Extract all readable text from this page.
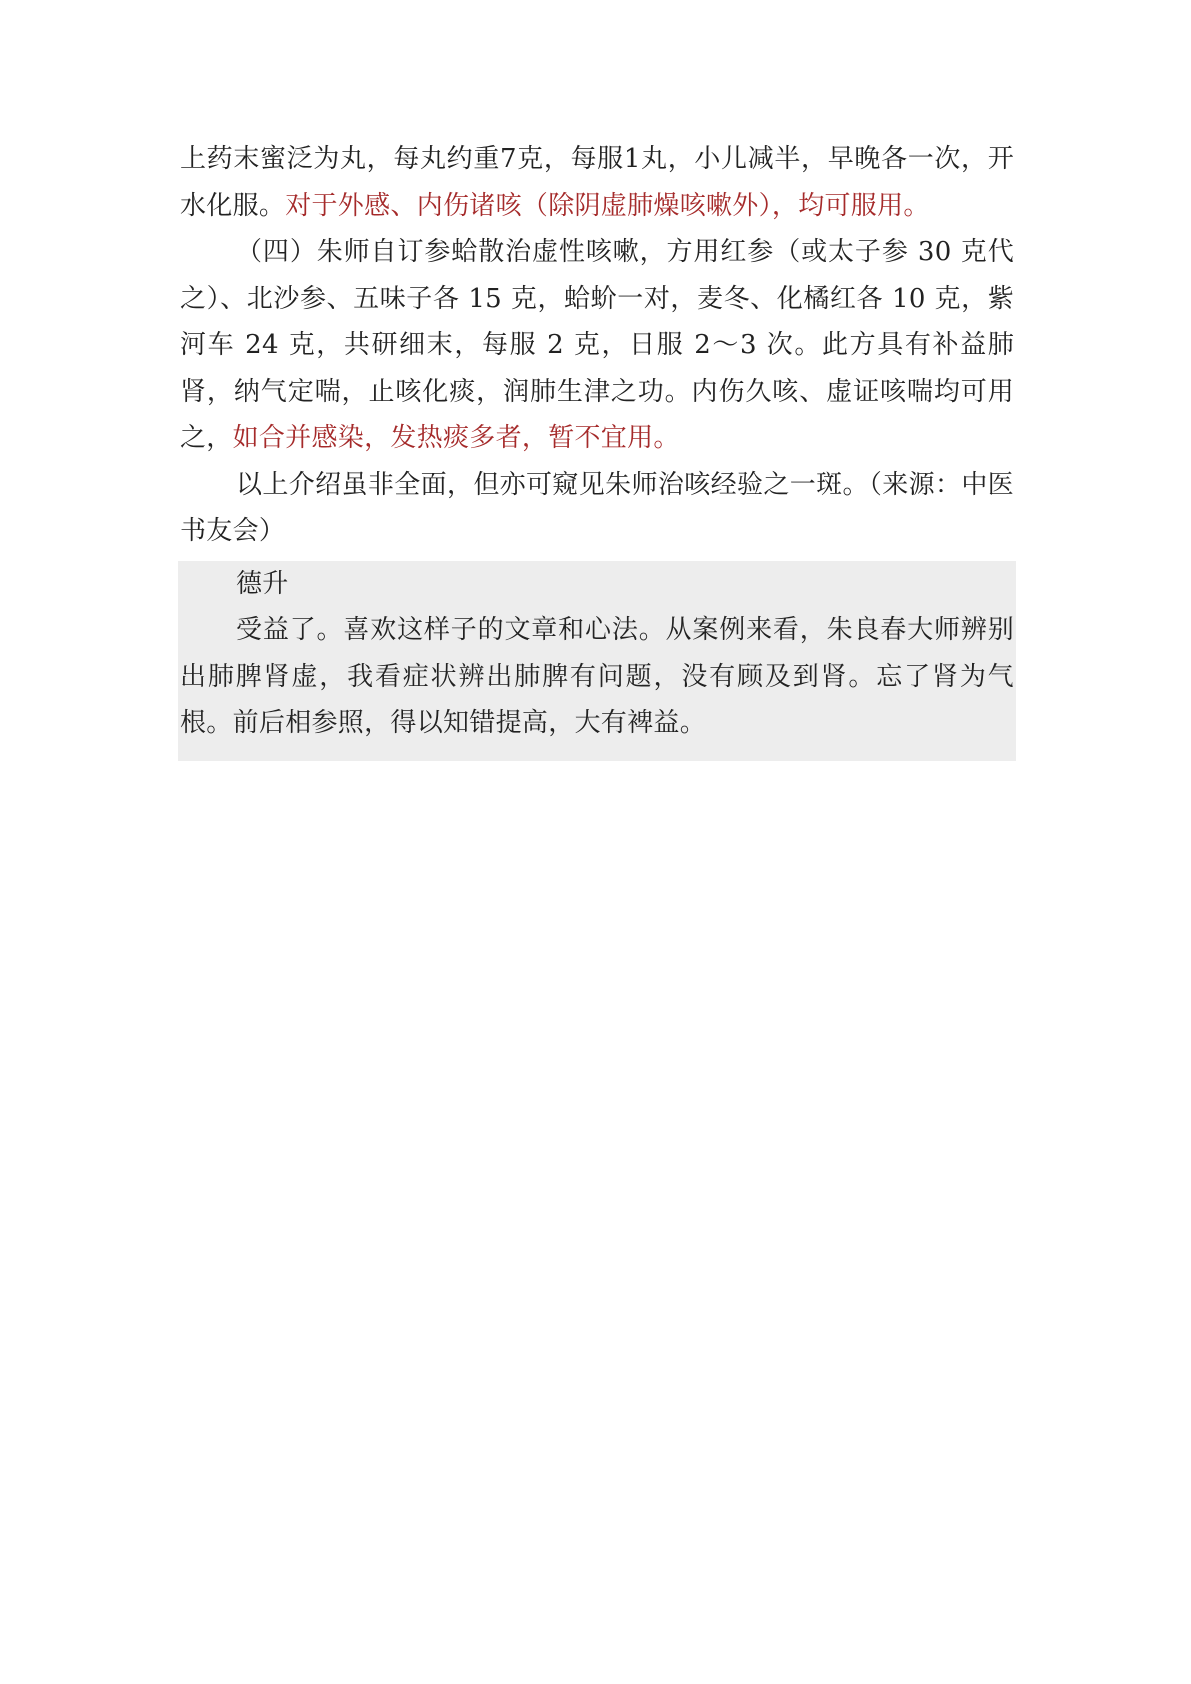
上药末蜜泛为丸，每丸约重7克，每服1丸，小儿减半，早晚各一次，开水化服。对于外感、内伤诸咳（除阴虚肺燥咳嗽外），均可服用。

（四）朱师自订参蛤散治虚性咳嗽，方用红参（或太子参 30 克代之）、北沙参、五味子各 15 克，蛤蚧一对，麦冬、化橘红各 10 克，紫河车 24 克，共研细末，每服 2 克，日服 2～3 次。此方具有补益肺肾，纳气定喘，止咳化痰，润肺生津之功。内伤久咳、虚证咳喘均可用之，如合并感染，发热痰多者，暂不宜用。

以上介绍虽非全面，但亦可窥见朱师治咳经验之一斑。（来源：中医书友会）

德升

受益了。喜欢这样子的文章和心法。从案例来看，朱良春大师辨别出肺脾肾虚，我看症状辨出肺脾有问题，没有顾及到肾。忘了肾为气根。前后相参照，得以知错提高，大有裨益。
